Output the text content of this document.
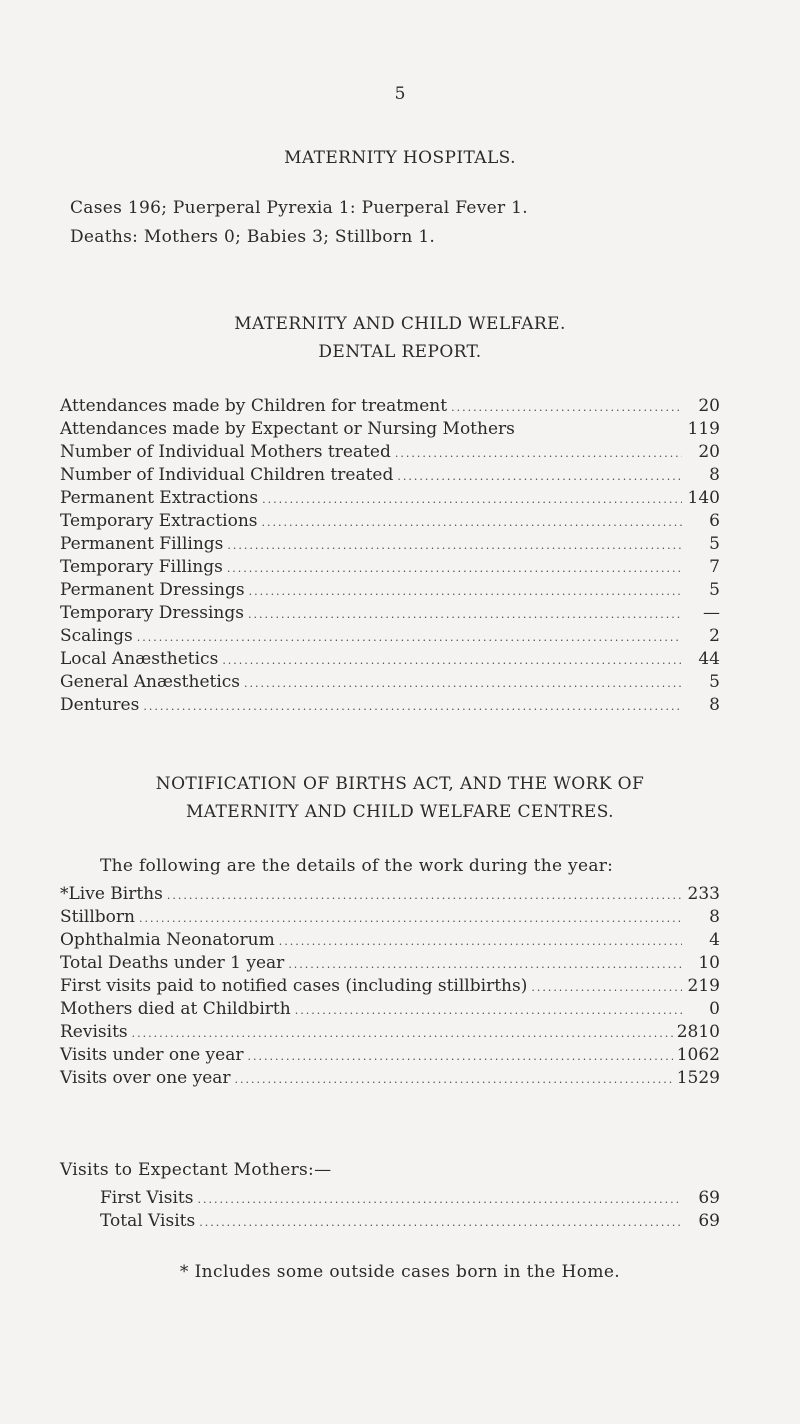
5
MATERNITY HOSPITALS.
Cases 196; Puerperal Pyrexia 1: Puerperal Fever 1.
Deaths: Mothers 0; Babies 3; Stillborn 1.
MATERNITY AND CHILD WELFARE.
DENTAL REPORT.
Attendances made by Children for treatment .....	20
Attendances made by Expectant or Nursing Mothers	119
Number of Individual Mothers treated .....	20
Number of Individual Children treated .....	8
Permanent Extractions .....	140
Temporary Extractions .....	6
Permanent Fillings .....	5
Temporary Fillings .....	7
Permanent Dressings .....	5
Temporary Dressings .....	—
Scalings .....	2
Local Anæsthetics .....	44
General Anæsthetics .....	5
Dentures .....	8
NOTIFICATION OF BIRTHS ACT, AND THE WORK OF
MATERNITY AND CHILD WELFARE CENTRES.
The following are the details of the work during the year:
*Live Births .....	233
Stillborn .....	8
Ophthalmia Neonatorum .....	4
Total Deaths under 1 year .....	10
First visits paid to notified cases (including stillbirths) .....	219
Mothers died at Childbirth .....	0
Revisits .....	2810
Visits under one year .....	1062
Visits over one year .....	1529
Visits to Expectant Mothers:—
First Visits .....	69
Total Visits .....	69
* Includes some outside cases born in the Home.
